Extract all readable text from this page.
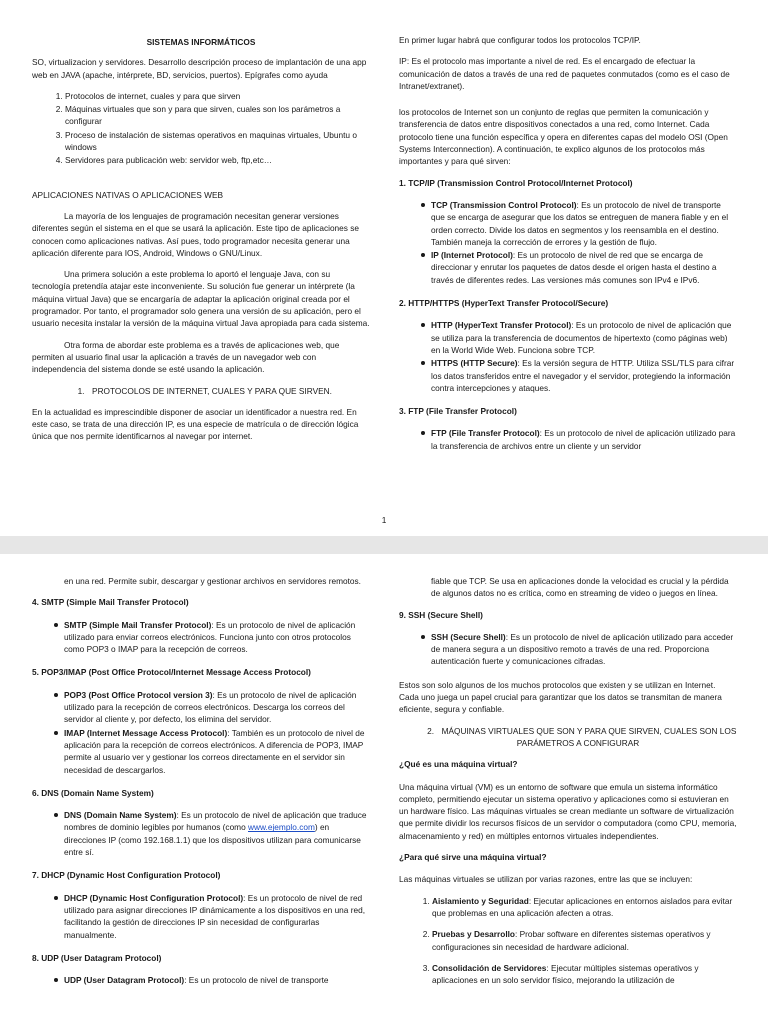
SISTEMAS INFORMÁTICOS

SO, virtualizacion y servidores. Desarrollo descripción proceso de implantación de una app web en JAVA (apache, intérprete, BD, servicios, puertos). Epígrafes como ayuda

1. Protocolos de internet, cuales y para que sirven
2. Máquinas virtuales que son y para que sirven, cuales son los parámetros a configurar
3. Proceso de instalación de sistemas operativos en maquinas virtuales, Ubuntu o windows
4. Servidores para publicación web: servidor web, ftp,etc…

APLICACIONES NATIVAS O APLICACIONES WEB

La mayoría de los lenguajes de programación necesitan generar versiones diferentes según el sistema en el que se usará la aplicación. Este tipo de aplicaciones se conocen como aplicaciones nativas. Así pues, todo programador necesita generar una aplicación diferente para IOS, Android, Windows o GNU/Linux.

Una primera solución a este problema lo aportó el lenguaje Java, con su tecnología pretendía atajar este inconveniente. Su solución fue generar un intérprete (la máquina virtual Java) que se encargaría de adaptar la aplicación original creada por el programador. Por tanto, el programador solo genera una versión de su aplicación, pero el usuario necesita instalar la versión de la máquina virtual Java apropiada para cada sistema.

Otra forma de abordar este problema es a través de aplicaciones web, que permiten al usuario final usar la aplicación a través de un navegador web con independencia del sistema donde se esté usando la aplicación.

1. PROTOCOLOS DE INTERNET, CUALES Y PARA QUE SIRVEN.

En la actualidad es imprescindible disponer de asociar un identificador a nuestra red. En este caso, se trata de una dirección IP, es una especie de matrícula o de dirección lógica única que nos permite identificarnos al navegar por internet.

En primer lugar habrá que configurar todos los protocolos TCP/IP.

IP: Es el protocolo mas importante a nivel de red. Es el encargado de efectuar la comunicación de datos a través de una red de paquetes conmutados (como es el caso de Intranet/extranet).

los protocolos de Internet son un conjunto de reglas que permiten la comunicación y transferencia de datos entre dispositivos conectados a una red, como Internet. Cada protocolo tiene una función específica y opera en diferentes capas del modelo OSI (Open Systems Interconnection). A continuación, te explico algunos de los protocolos más importantes y para qué sirven:

1. TCP/IP (Transmission Control Protocol/Internet Protocol)

TCP (Transmission Control Protocol): Es un protocolo de nivel de transporte que se encarga de asegurar que los datos se entreguen de manera fiable y en el orden correcto. Divide los datos en segmentos y los reensambla en el destino. También maneja la corrección de errores y la gestión de flujo.
IP (Internet Protocol): Es un protocolo de nivel de red que se encarga de direccionar y enrutar los paquetes de datos desde el origen hasta el destino a través de diferentes redes. Las versiones más comunes son IPv4 e IPv6.

2. HTTP/HTTPS (HyperText Transfer Protocol/Secure)

HTTP (HyperText Transfer Protocol): Es un protocolo de nivel de aplicación que se utiliza para la transferencia de documentos de hipertexto (como páginas web) en la World Wide Web. Funciona sobre TCP.
HTTPS (HTTP Secure): Es la versión segura de HTTP. Utiliza SSL/TLS para cifrar los datos transferidos entre el navegador y el servidor, protegiendo la información contra intercepciones y ataques.

3. FTP (File Transfer Protocol)

FTP (File Transfer Protocol): Es un protocolo de nivel de aplicación utilizado para la transferencia de archivos entre un cliente y un servidor
1

en una red. Permite subir, descargar y gestionar archivos en servidores remotos.

4. SMTP (Simple Mail Transfer Protocol)

SMTP (Simple Mail Transfer Protocol): Es un protocolo de nivel de aplicación utilizado para enviar correos electrónicos. Funciona junto con otros protocolos como POP3 o IMAP para la recepción de correos.

5. POP3/IMAP (Post Office Protocol/Internet Message Access Protocol)

POP3 (Post Office Protocol version 3): Es un protocolo de nivel de aplicación utilizado para la recepción de correos electrónicos. Descarga los correos del servidor al cliente y, por defecto, los elimina del servidor.
IMAP (Internet Message Access Protocol): También es un protocolo de nivel de aplicación para la recepción de correos electrónicos. A diferencia de POP3, IMAP permite al usuario ver y gestionar los correos directamente en el servidor sin necesidad de descargarlos.

6. DNS (Domain Name System)

DNS (Domain Name System): Es un protocolo de nivel de aplicación que traduce nombres de dominio legibles por humanos (como www.ejemplo.com) en direcciones IP (como 192.168.1.1) que los dispositivos utilizan para comunicarse entre sí.

7. DHCP (Dynamic Host Configuration Protocol)

DHCP (Dynamic Host Configuration Protocol): Es un protocolo de nivel de red utilizado para asignar direcciones IP dinámicamente a los dispositivos en una red, facilitando la gestión de direcciones IP sin necesidad de configurarlas manualmente.

8. UDP (User Datagram Protocol)

UDP (User Datagram Protocol): Es un protocolo de nivel de transporte

fiable que TCP. Se usa en aplicaciones donde la velocidad es crucial y la pérdida de algunos datos no es crítica, como en streaming de video o juegos en línea.

9. SSH (Secure Shell)

SSH (Secure Shell): Es un protocolo de nivel de aplicación utilizado para acceder de manera segura a un dispositivo remoto a través de una red. Proporciona autenticación fuerte y comunicaciones cifradas.

Estos son solo algunos de los muchos protocolos que existen y se utilizan en Internet. Cada uno juega un papel crucial para garantizar que los datos se transmitan de manera eficiente, segura y confiable.

2. MÁQUINAS VIRTUALES QUE SON Y PARA QUE SIRVEN, CUALES SON LOS PARÁMETROS A CONFIGURAR

¿Qué es una máquina virtual?

Una máquina virtual (VM) es un entorno de software que emula un sistema informático completo, permitiendo ejecutar un sistema operativo y aplicaciones como si estuvieran en un hardware físico. Las máquinas virtuales se crean mediante un software de virtualización que permite dividir los recursos físicos de un servidor o computadora (como CPU, memoria, almacenamiento y red) en múltiples entornos virtuales independientes.

¿Para qué sirve una máquina virtual?

Las máquinas virtuales se utilizan por varias razones, entre las que se incluyen:

1. Aislamiento y Seguridad: Ejecutar aplicaciones en entornos aislados para evitar que problemas en una aplicación afecten a otras.
2. Pruebas y Desarrollo: Probar software en diferentes sistemas operativos y configuraciones sin necesidad de hardware adicional.
3. Consolidación de Servidores: Ejecutar múltiples sistemas operativos y aplicaciones en un solo servidor físico, mejorando la utilización de
